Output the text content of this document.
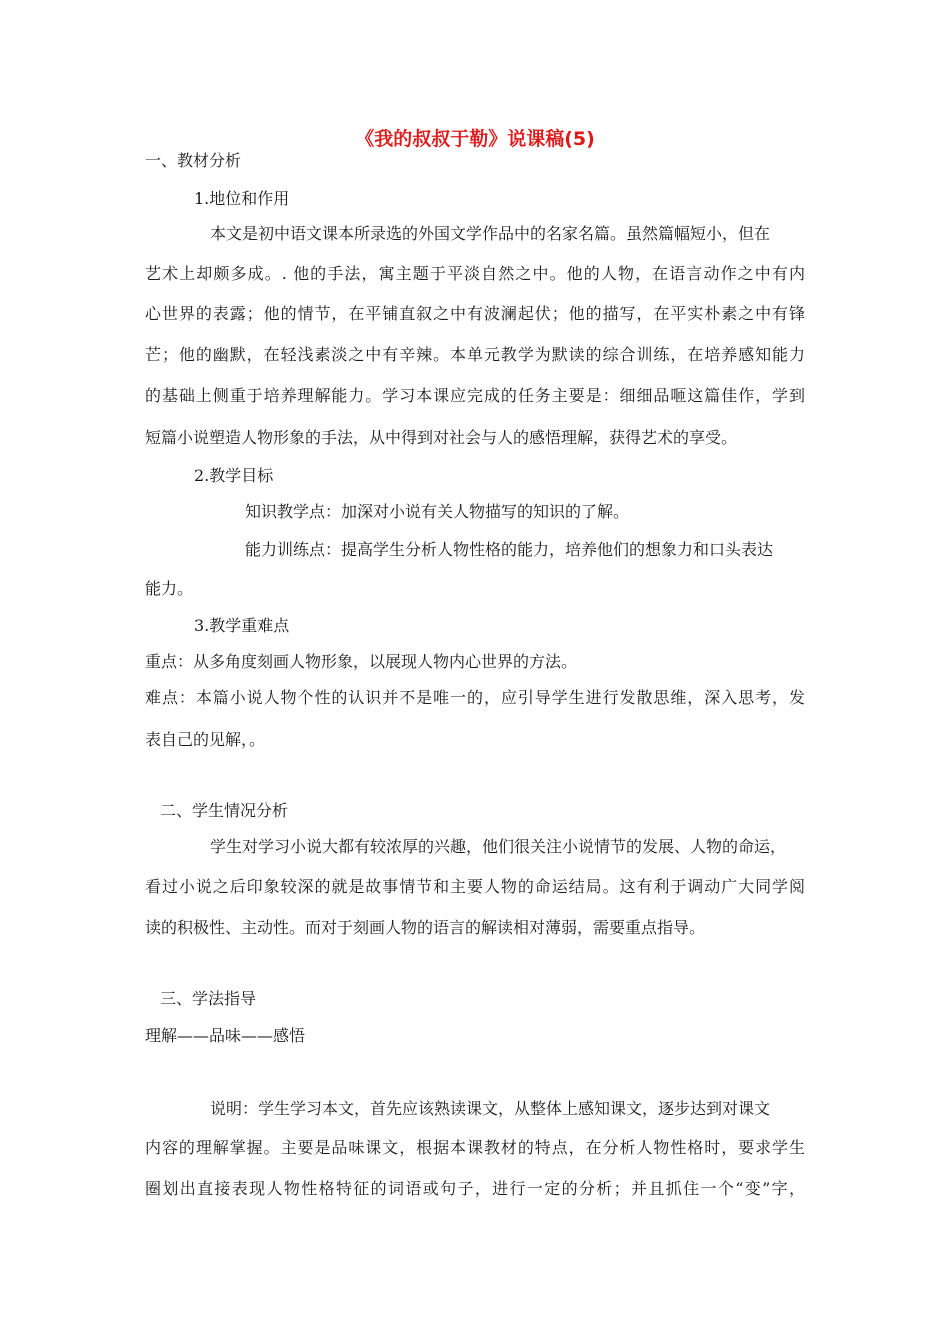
《我的叔叔于勒》说课稿(5)
一、教材分析
1.地位和作用
本文是初中语文课本所录选的外国文学作品中的名家名篇。虽然篇幅短小，但在
艺术上却颇多成。. 他的手法，寓主题于平淡自然之中。他的人物，在语言动作之中有内
心世界的表露；他的情节，在平铺直叙之中有波澜起伏；他的描写，在平实朴素之中有锋
芒；他的幽默，在轻浅素淡之中有辛辣。本单元教学为默读的综合训练，在培养感知能力
的基础上侧重于培养理解能力。学习本课应完成的任务主要是：细细品咂这篇佳作，学到
短篇小说塑造人物形象的手法，从中得到对社会与人的感悟理解，获得艺术的享受。
2.教学目标
知识教学点：加深对小说有关人物描写的知识的了解。
能力训练点：提高学生分析人物性格的能力，培养他们的想象力和口头表达
能力。
3.教学重难点
重点：从多角度刻画人物形象，以展现人物内心世界的方法。
难点：本篇小说人物个性的认识并不是唯一的，应引导学生进行发散思维，深入思考，发
表自己的见解，。
二、学生情况分析
学生对学习小说大都有较浓厚的兴趣，他们很关注小说情节的发展、人物的命运，
看过小说之后印象较深的就是故事情节和主要人物的命运结局。这有利于调动广大同学阅
读的积极性、主动性。而对于刻画人物的语言的解读相对薄弱，需要重点指导。
三、学法指导
理解——品味——感悟
说明：学生学习本文，首先应该熟读课文，从整体上感知课文，逐步达到对课文
内容的理解掌握。主要是品味课文，根据本课教材的特点，在分析人物性格时，要求学生
圈划出直接表现人物性格特征的词语或句子，进行一定的分析；并且抓住一个“变”字，
